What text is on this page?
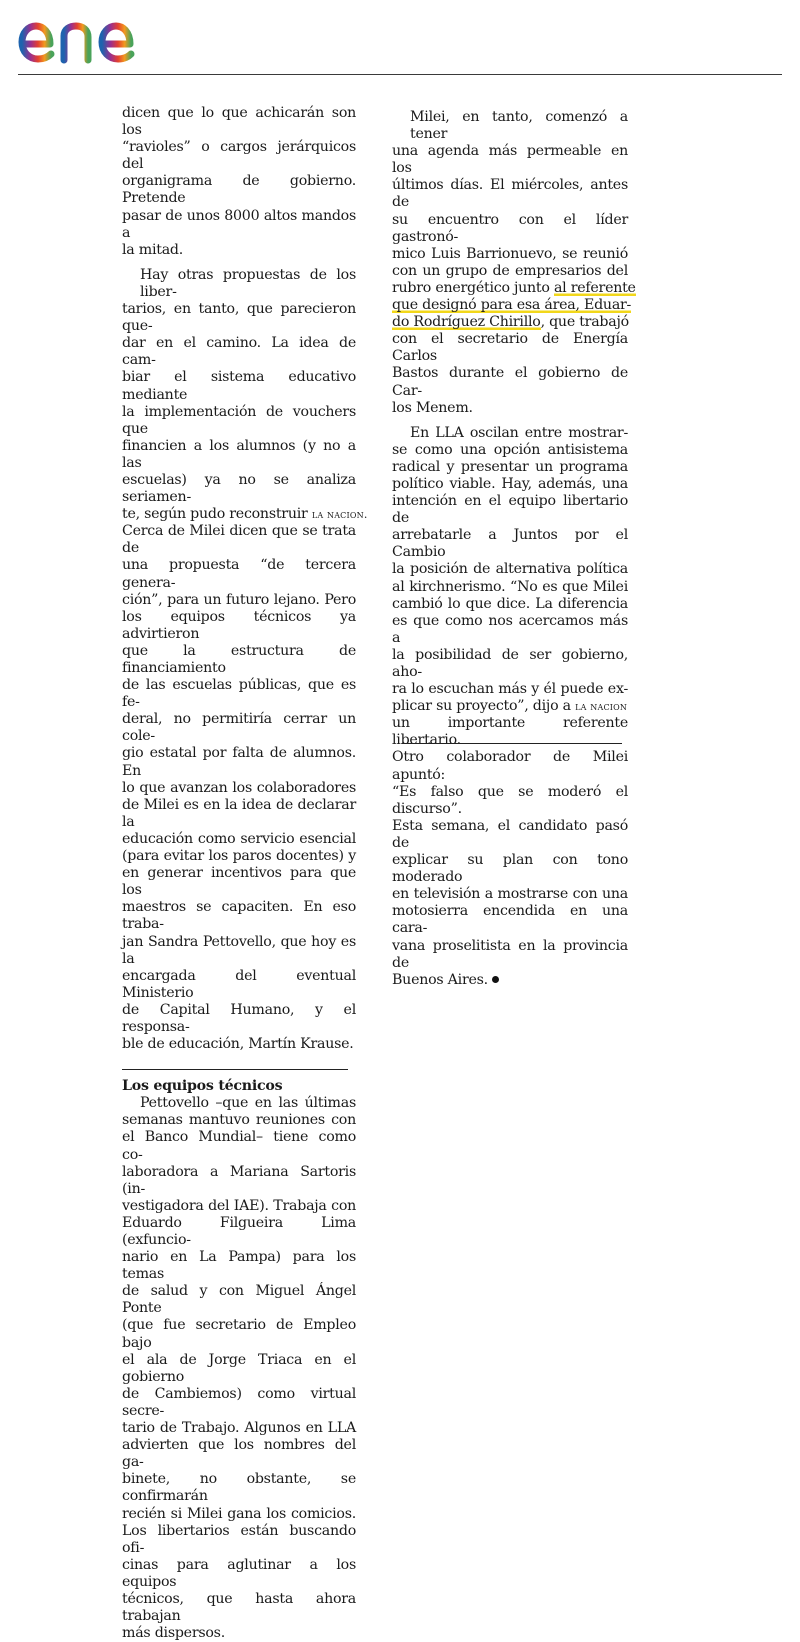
dicen que lo que achicarán son los
“ravioles” o cargos jerárquicos del
organigrama de gobierno. Pretende
pasar de unos 8000 altos mandos a
la mitad.

Hay otras propuestas de los liber-
tarios, en tanto, que parecieron que-
dar en el camino. La idea de cam-
biar el sistema educativo mediante
la implementación de vouchers que
financien a los alumnos (y no a las
escuelas) ya no se analiza seriamen-
te, según pudo reconstruir la nacion.
Cerca de Milei dicen que se trata de
una propuesta “de tercera genera-
ción”, para un futuro lejano. Pero
los equipos técnicos ya advirtieron
que la estructura de financiamiento
de las escuelas públicas, que es fe-
deral, no permitiría cerrar un cole-
gio estatal por falta de alumnos. En
lo que avanzan los colaboradores
de Milei es en la idea de declarar la
educación como servicio esencial
(para evitar los paros docentes) y
en generar incentivos para que los
maestros se capaciten. En eso traba-
jan Sandra Pettovello, que hoy es la
encargada del eventual Ministerio
de Capital Humano, y el responsa-
ble de educación, Martín Krause.

Los equipos técnicos

Pettovello –que en las últimas
semanas mantuvo reuniones con
el Banco Mundial– tiene como co-
laboradora a Mariana Sartoris (in-
vestigadora del IAE). Trabaja con
Eduardo Filgueira Lima (exfuncio-
nario en La Pampa) para los temas
de salud y con Miguel Ángel Ponte
(que fue secretario de Empleo bajo
el ala de Jorge Triaca en el gobierno
de Cambiemos) como virtual secre-
tario de Trabajo. Algunos en LLA
advierten que los nombres del ga-
binete, no obstante, se confirmarán
recién si Milei gana los comicios.
Los libertarios están buscando ofi-
cinas para aglutinar a los equipos
técnicos, que hasta ahora trabajan
más dispersos.

Milei, en tanto, comenzó a tener
una agenda más permeable en los
últimos días. El miércoles, antes de
su encuentro con el líder gastronó-
mico Luis Barrionuevo, se reunió
con un grupo de empresarios del
rubro energético junto al referente
que designó para esa área, Eduar-
do Rodríguez Chirillo, que trabajó
con el secretario de Energía Carlos
Bastos durante el gobierno de Car-
los Menem.

En LLA oscilan entre mostrar-
se como una opción antisistema
radical y presentar un programa
político viable. Hay, además, una
intención en el equipo libertario de
arrebatarle a Juntos por el Cambio
la posición de alternativa política
al kirchnerismo. “No es que Milei
cambió lo que dice. La diferencia
es que como nos acercamos más a
la posibilidad de ser gobierno, aho-
ra lo escuchan más y él puede ex-
plicar su proyecto”, dijo a la nacion
un importante referente libertario.
Otro colaborador de Milei apuntó:
“Es falso que se moderó el discurso”.
Esta semana, el candidato pasó de
explicar su plan con tono moderado
en televisión a mostrarse con una
motosierra encendida en una cara-
vana proselitista en la provincia de
Buenos Aires.
